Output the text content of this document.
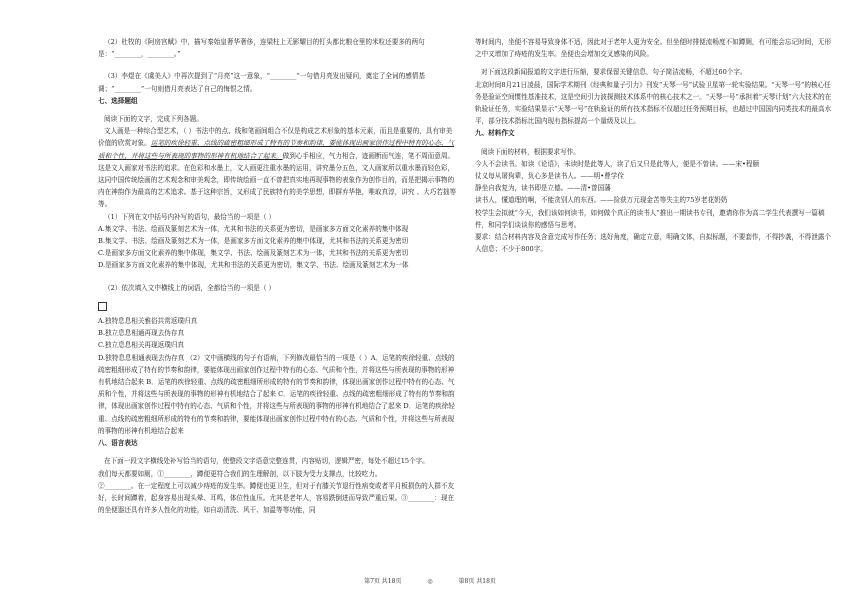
（2）杜牧的《阿房宫赋》中，描写秦始皇奢华奢侈，连梁柱上无影耀目的钉头都比粮仓里的米粒还要多的两句是：“________，________。”

（3）李煜在《虞美人》中再次提到了“月亮”这一意象，“________”一句借月亮发出疑问，奠定了全词的感情基调；“________”一句则借月亮表达了自己的悔恨之情。

七、选择题组

阅读下面的文字，完成下列各题。

文人画是一种综合型艺术，（ ）书法中的点、线和笔画间组合不仅是构成艺术形象的基本元素，而且是重要的，具有审美价值的欣赏对象。运笔的疾徐轻重、点线的疏密粗细形成了特有的节奏和韵律，要能体现出画家创作过程中特有的心态、气质和个性，并将这些与所表现的事物的形神有机地结合了起来。做到心手相应，气力相合，迹画断而气连，笔不周而意周。这是文人画家对书法的追求。在色彩和水墨上，文人画更注重水墨的运用，讲究墨分五色，文人画家所以重水墨而轻色彩，这同中国传统绘画的艺术观念和审美观念，即传统绘画一直不曾把真实地再现事物的表象作为创作目的，而是把揭示事物的内在神韵作为最高的艺术追求。基于这种宗旨，又形成了民族特有的美学思想，即摒弃华艳，唯取真淳，讲究 、大巧若拙等等。

（1）下列在文中括号内补写的语句，最恰当的一项是（ ）

A.集文学、书法、绘画及篆刻艺术为一体，尤其和书法的关系更为密切，是画家多方面文化素养的集中体现

B.集文学、书法、绘画及篆刻艺术为一体，是画家多方面文化素养的集中体现，尤其和书法的关系更为密切

C.是画家多方面文化素养的集中体现，集文学、书法、绘画及篆刻艺术为一体，尤其和书法的关系更为密切

D.是画家多方面文化素养的集中体现，尤其和书法的关系更为密切，集文学、书法、绘画及篆刻艺术为一体

（2）依次填入文中横线上的词语，全都恰当的一项是（ ）

A.独特息息相关雅俗共赏返璞归真

B.独立息息相通再现去伪存真

C.独立息息相关再现返璞归真

D.独特息息相通表现去伪存真 （2）文中画横线的句子有语病，下列修改最恰当的一项是（ ）A．运笔的疾徐轻重、点线的疏密粗细形成了特有的节奏和韵律，要能体现出画家创作过程中特有的心态、气质和个性，并将这些与所表现的事物的形神有机地结合起来 B．运笔的疾徐轻重、点线的疏密粗细所形成的特有的节奏和韵律，体现出画家创作过程中特有的心态、气质和个性，并将这些与所表现的事物的形神有机地结合了起来 C．运笔的疾徐轻重、点线的疏密粗细形成了特有的节奏和韵律，体现出画家创作过程中特有的心态、气质和个性，并将这些与所表现的事物的形神有机地结合了起来 D．运笔的疾徐轻重、点线的疏密粗细所形成的特有的节奏和韵律，要能体现出画家创作过程中特有的心态、气质和个性，并将这些与所表现的事物的形神有机地结合起来

八、语言表达

在下面一段文字横线处补写恰当的语句，使整段文字语意完整连贯，内容贴切，逻辑严密，每处不超过15个字。

我们每天都要如厕，①________，蹲便更符合我们的生理解剖，以下肢为受力支撑点，比较吃力。

②________。在一定程度上可以减少痔疮的发生率。蹲便也更卫生，但对于有膝关节退行性病变或者平月板损伤的人群不友好，长时间蹲着，起身容易出现头晕、耳鸣，体位性血压。尤其是老年人，容易跌倒进而导致严重后果。③________：现在的坐便器还具有许多人性化的功能，如自动清洗、风干、加温等等功能，同

等时间内，坐便不容易导致身体不适，因此对于老年人更为安全。但坐便时排便流畅度不如蹲厕，有可能会忘记时间，无形之中又增加了痔疮的发生率。坐便也会增加交叉感染的风险。

对下面这段新闻报道的文字进行压缩，要求保留关键信息，句子简洁流畅，不超过60个字。

北京时间8月21日凌晨，国际学术期刊《经典和量子引力》刊发“天琴一号”试验卫星第一轮实验结果。“天琴一号”的核心任务是验证空间惯性基准技术，这是空间引力波探测技术体系中的核心技术之一。“天琴一号”承担着“天琴计划”六大技术的在轨验证任务，实验结果显示“天琴一号”在轨验证的所有技术指标不仅超过任务预期目标，也超过中国国内同类技术的最高水平，部分技术指标比国内现有指标提高一个量级及以上。

九、材料作文

阅读下面的材料，根据要求写作。

今人不会读书。如读《论语》，未读时是此等人，读了后又只是此等人，便是不曾读。——宋•程颐

仗义每从屠狗辈，负心多是读书人。——明•曹学佺

静坐自我复为，读书即是立德。——清•曾国藩

读书人，懂道理的啊，不能贪别人的东西。——捡获万元现金苦等失主的75岁老花奶奶

校学生会拟就“今天，我们该如何读书，如何做个真正的读书人”推出一期读书专刊，邀请你作为高二学生代表撰写一篇稿件，和同学们谈谈你的感悟与思考。

要求：结合材料内容及含意完成写作任务；选好角度，确定立意，明确文体，自拟标题，不要套作，不得抄袭，不得泄露个人信息；不少于800字。

第7页 共18页	◎	第8页 共18页
